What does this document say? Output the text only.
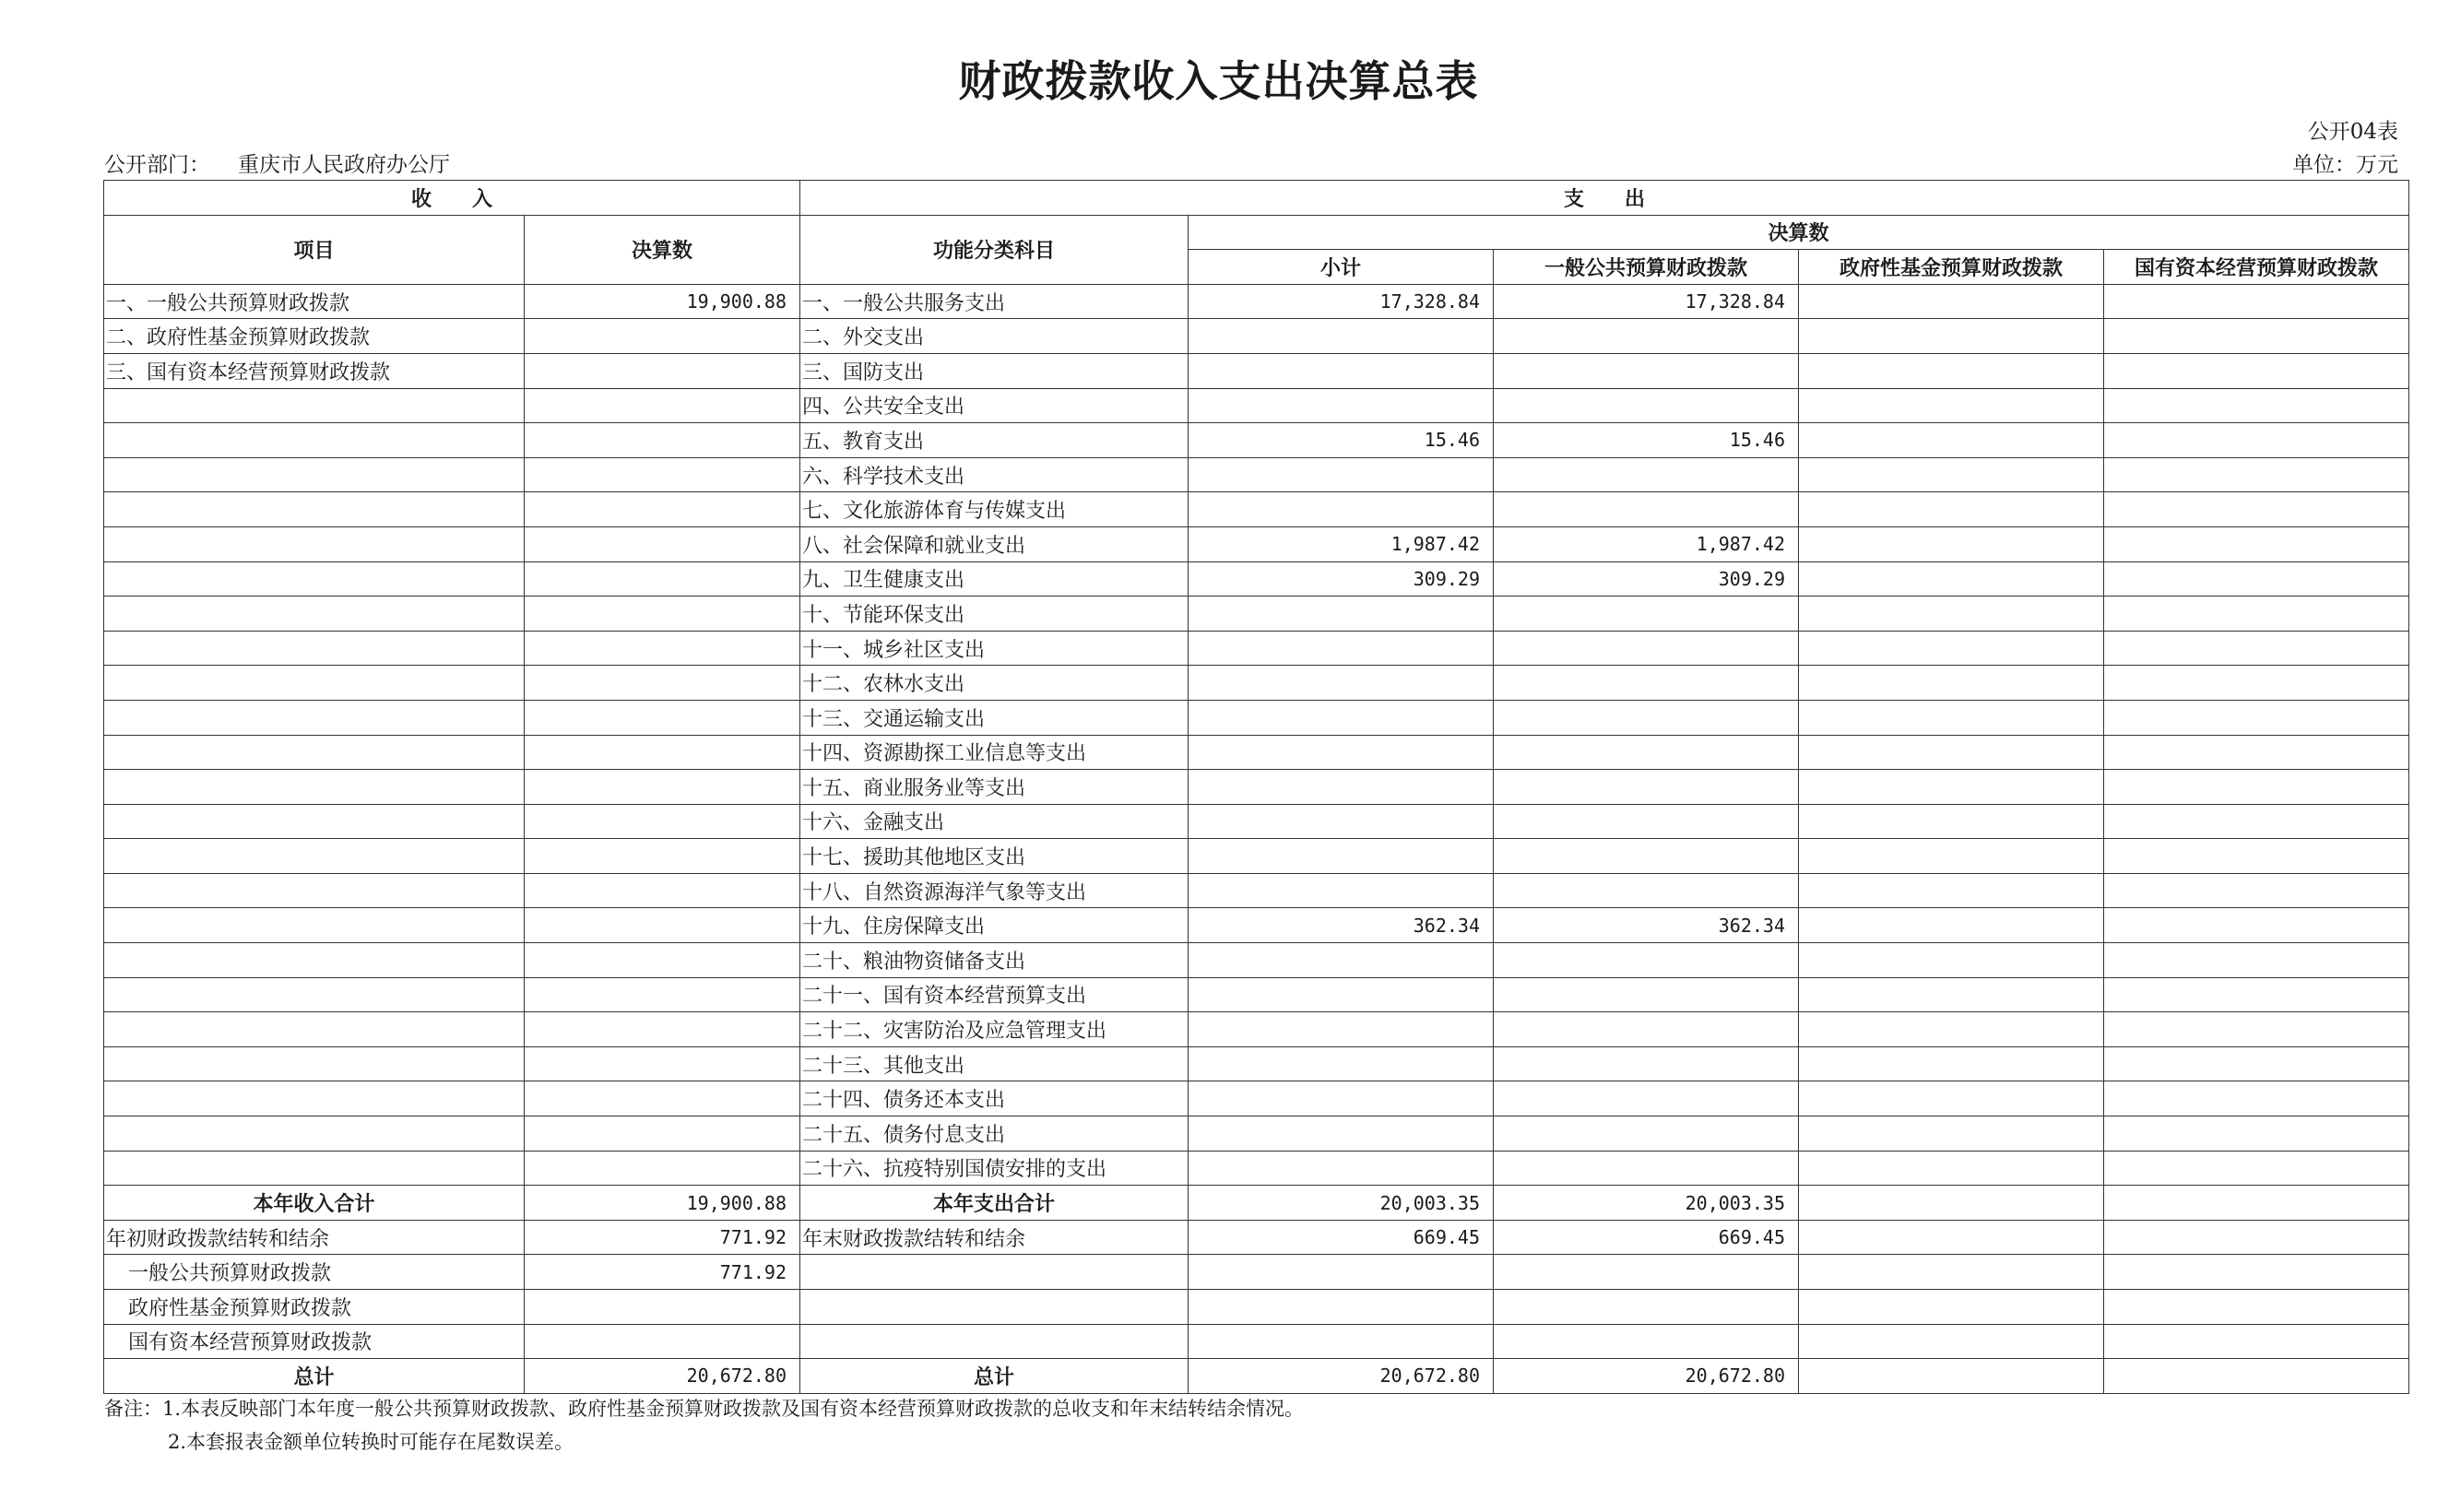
财政拨款收入支出决算总表
公开04表
公开部门： 重庆市人民政府办公厅	单位：万元
收　　入		支　　出				
项目	决算数	功能分类科目	决算数			
			小计	一般公共预算财政拨款	政府性基金预算财政拨款	国有资本经营预算财政拨款
一、一般公共预算财政拨款	19,900.88	一、一般公共服务支出	17,328.84	17,328.84		
二、政府性基金预算财政拨款		二、外交支出				
三、国有资本经营预算财政拨款		三、国防支出				
		四、公共安全支出				
		五、教育支出	15.46	15.46		
		六、科学技术支出				
		七、文化旅游体育与传媒支出				
		八、社会保障和就业支出	1,987.42	1,987.42		
		九、卫生健康支出	309.29	309.29		
		十、节能环保支出				
		十一、城乡社区支出				
		十二、农林水支出				
		十三、交通运输支出				
		十四、资源勘探工业信息等支出				
		十五、商业服务业等支出				
		十六、金融支出				
		十七、援助其他地区支出				
		十八、自然资源海洋气象等支出				
		十九、住房保障支出	362.34	362.34		
		二十、粮油物资储备支出				
		二十一、国有资本经营预算支出				
		二十二、灾害防治及应急管理支出				
		二十三、其他支出				
		二十四、债务还本支出				
		二十五、债务付息支出				
		二十六、抗疫特别国债安排的支出				
本年收入合计	19,900.88	本年支出合计	20,003.35	20,003.35		
年初财政拨款结转和结余	771.92	年末财政拨款结转和结余	669.45	669.45		
一般公共预算财政拨款	771.92					
政府性基金预算财政拨款						
国有资本经营预算财政拨款						
总计	20,672.80	总计	20,672.80	20,672.80		
备注：1.本表反映部门本年度一般公共预算财政拨款、政府性基金预算财政拨款及国有资本经营预算财政拨款的总收支和年末结转结余情况。
2.本套报表金额单位转换时可能存在尾数误差。
